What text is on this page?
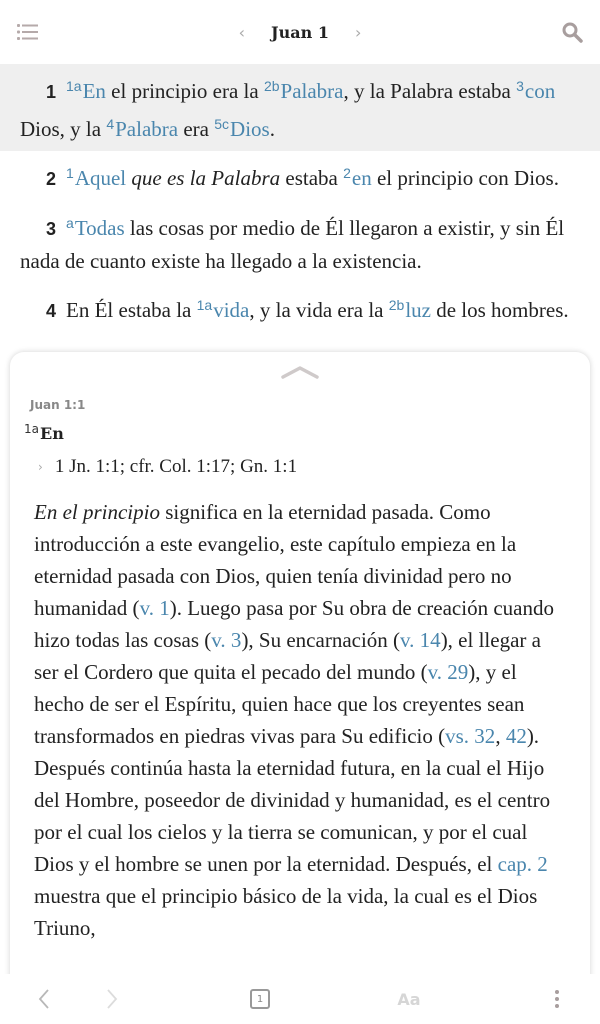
‹	Juan 1	›

1 $^{1a}$En el principio era la $^{2b}$Palabra, y la Palabra estaba $^3$con Dios, y la $^4$Palabra era $^{5c}$Dios.

2 $^1$Aquel que es la Palabra estaba $^2$en el principio con Dios.

3 $^a$Todas las cosas por medio de Él llegaron a existir, y sin Él nada de cuanto existe ha llegado a la existencia.

4 En Él estaba la $^{1a}$vida, y la vida era la $^{2b}$luz de los hombres.

Juan 1:1
$^{1a}$En
› 1 Jn. 1:1; cfr. Col. 1:17; Gn. 1:1
En el principio significa en la eternidad pasada. Como introducción a este evangelio, este capítulo empieza en la eternidad pasada con Dios, quien tenía divinidad pero no humanidad (v. 1). Luego pasa por Su obra de creación cuando hizo todas las cosas (v. 3), Su encarnación (v. 14), el llegar a ser el Cordero que quita el pecado del mundo (v. 29), y el hecho de ser el Espíritu, quien hace que los creyentes sean transformados en piedras vivas para Su edificio (vs. 32, 42). Después continúa hasta la eternidad futura, en la cual el Hijo del Hombre, poseedor de divinidad y humanidad, es el centro por el cual los cielos y la tierra se comunican, y por el cual Dios y el hombre se unen por la eternidad. Después, el cap. 2 muestra que el principio básico de la vida, la cual es el Dios Triuno,
1	Aa
